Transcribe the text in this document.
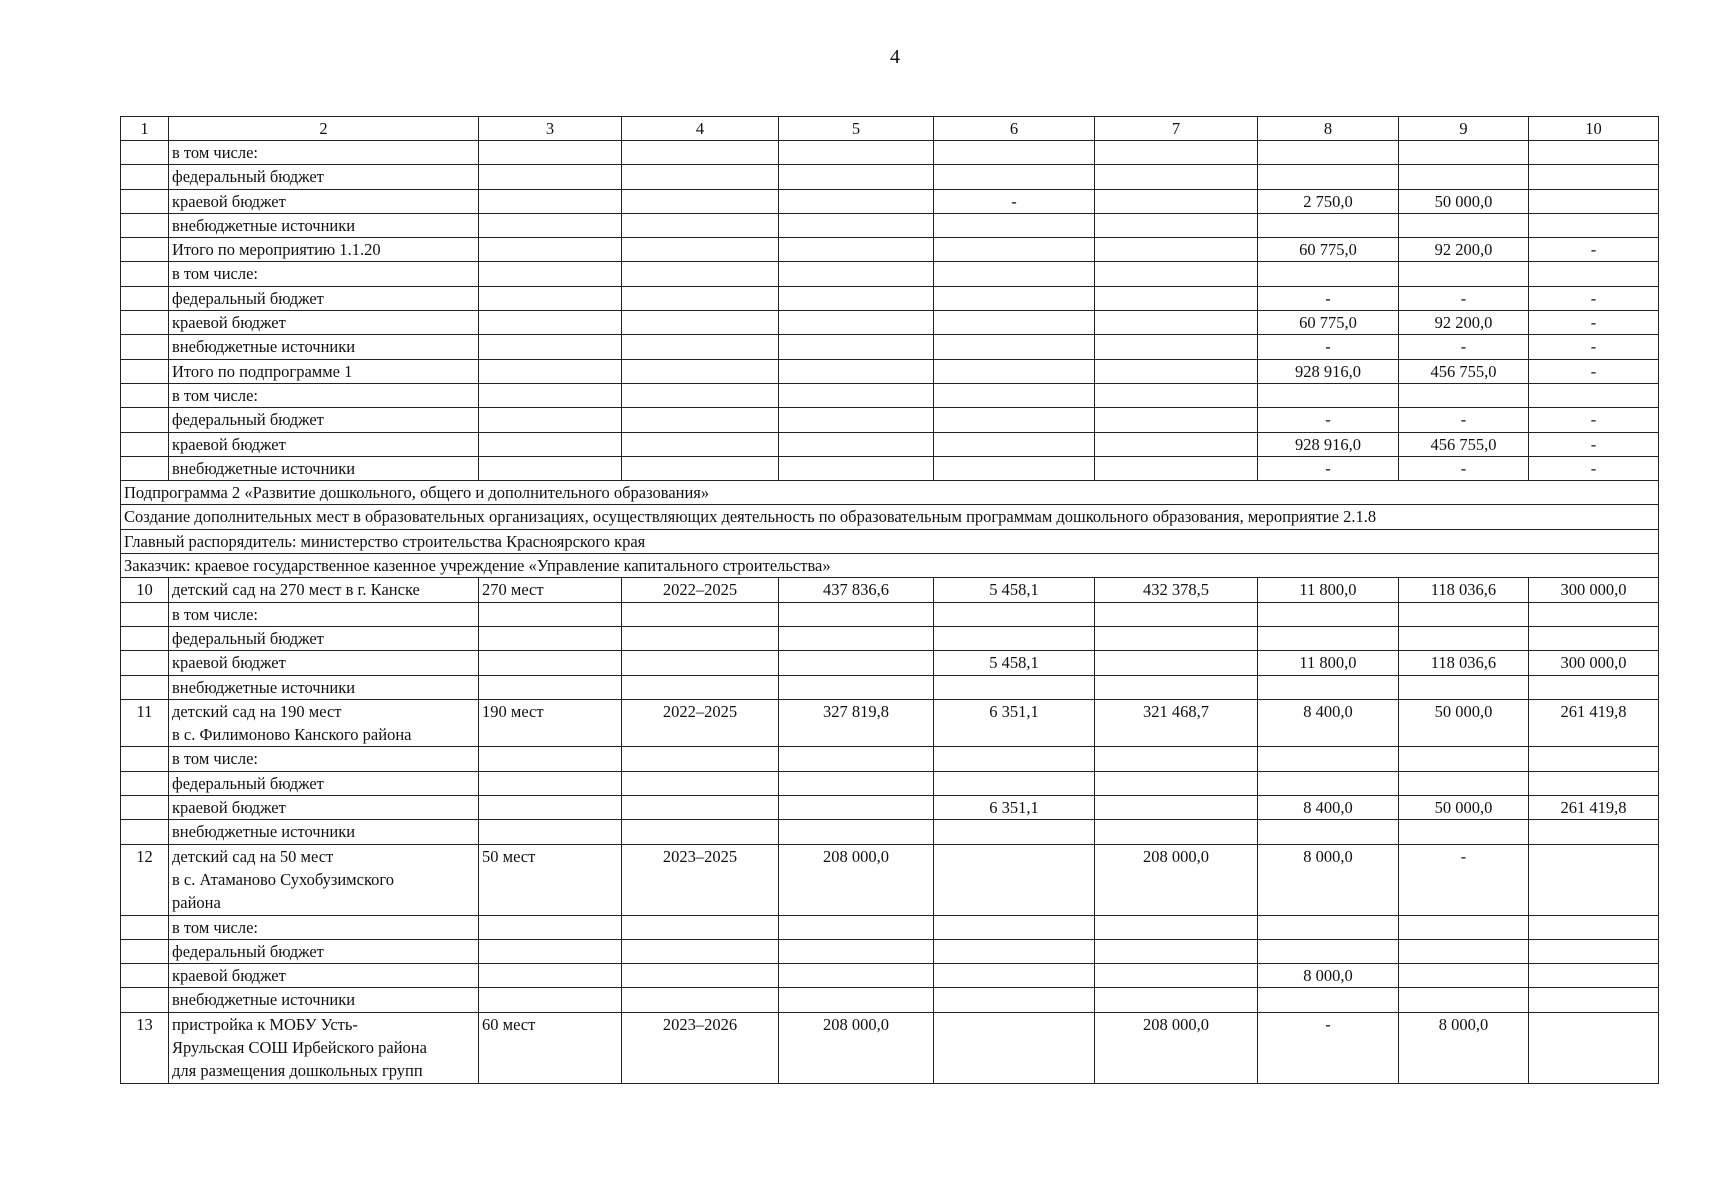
4
1	2	3	4	5	6	7	8	9	10
	в том числе:								
	федеральный бюджет								
	краевой бюджет				-		2 750,0	50 000,0	
	внебюджетные источники								
	Итого по мероприятию 1.1.20						60 775,0	92 200,0	-
	в том числе:								
	федеральный бюджет						-	-	-
	краевой бюджет						60 775,0	92 200,0	-
	внебюджетные источники						-	-	-
	Итого по подпрограмме 1						928 916,0	456 755,0	-
	в том числе:								
	федеральный бюджет						-	-	-
	краевой бюджет						928 916,0	456 755,0	-
	внебюджетные источники						-	-	-
Подпрограмма 2 «Развитие дошкольного, общего и дополнительного образования»									
Создание дополнительных мест в образовательных организациях, осуществляющих деятельность по образовательным программам дошкольного образования, мероприятие 2.1.8									
Главный распорядитель: министерство строительства Красноярского края									
Заказчик: краевое государственное казенное учреждение «Управление капитального строительства»									
10	детский сад на 270 мест в г. Канске	270 мест	2022–2025	437 836,6	5 458,1	432 378,5	11 800,0	118 036,6	300 000,0
	в том числе:								
	федеральный бюджет								
	краевой бюджет				5 458,1		11 800,0	118 036,6	300 000,0
	внебюджетные источники								
11	детский сад на 190 мест
в с. Филимоново Канского района	190 мест	2022–2025	327 819,8	6 351,1	321 468,7	8 400,0	50 000,0	261 419,8
	в том числе:								
	федеральный бюджет								
	краевой бюджет				6 351,1		8 400,0	50 000,0	261 419,8
	внебюджетные источники								
12	детский сад на 50 мест
в с. Атаманово Сухобузимского
района	50 мест	2023–2025	208 000,0		208 000,0	8 000,0	-	
	в том числе:								
	федеральный бюджет								
	краевой бюджет						8 000,0		
	внебюджетные источники								
13	пристройка к МОБУ Усть-
Ярульская СОШ Ирбейского района
для размещения дошкольных групп	60 мест	2023–2026	208 000,0		208 000,0	-	8 000,0	
